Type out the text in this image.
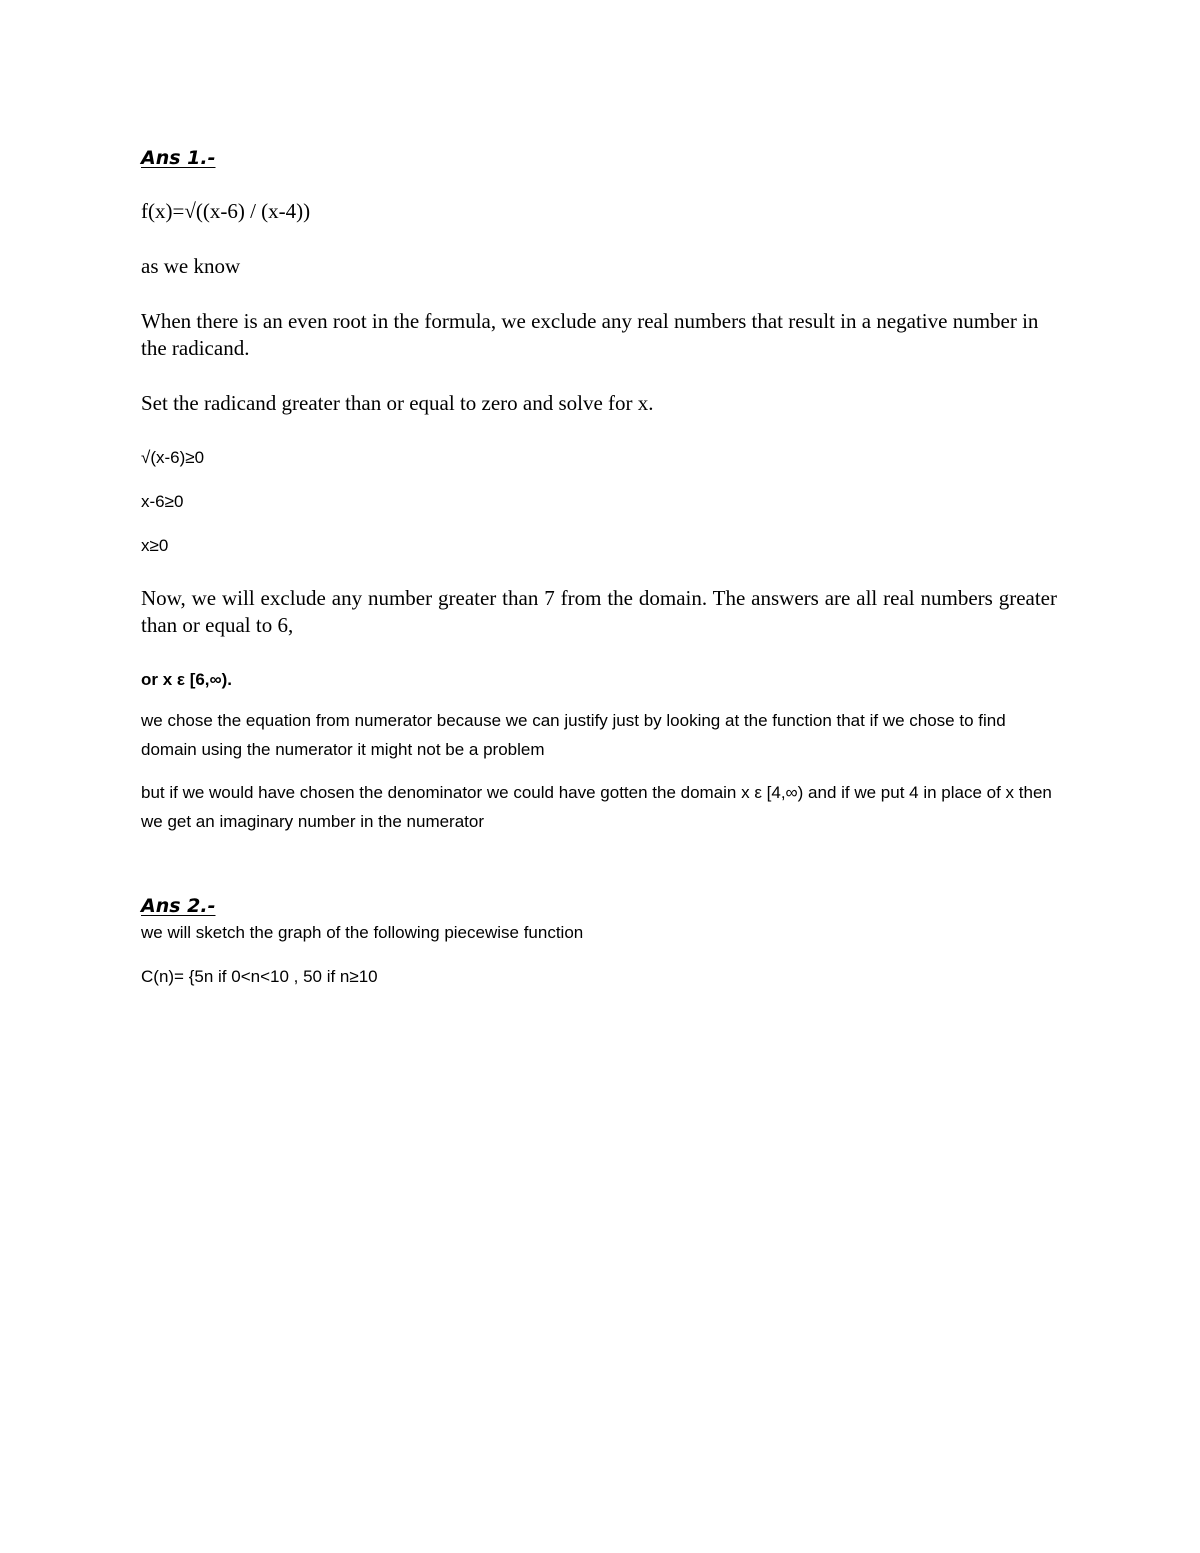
Ans 1.-

f(x)=√((x-6) / (x-4))

as we know

When there is an even root in the formula, we exclude any real numbers that result in a negative number in the radicand.

Set the radicand greater than or equal to zero and solve for x.

√(x-6)≥0

x-6≥0

x≥0

Now, we will exclude any number greater than 7 from the domain. The answers are all real numbers greater than or equal to 6,

or x ε [6,∞).

we chose the equation from numerator because we can justify just by looking at the function that if we chose to find domain using the numerator it might not be a problem

but if we would have chosen the denominator we could have gotten the domain x ε [4,∞) and if we put 4 in place of x then we get an imaginary number in the numerator

Ans 2.-

we will sketch the graph of the following piecewise function

C(n)= {5n if 0<n<10 , 50 if n≥10
